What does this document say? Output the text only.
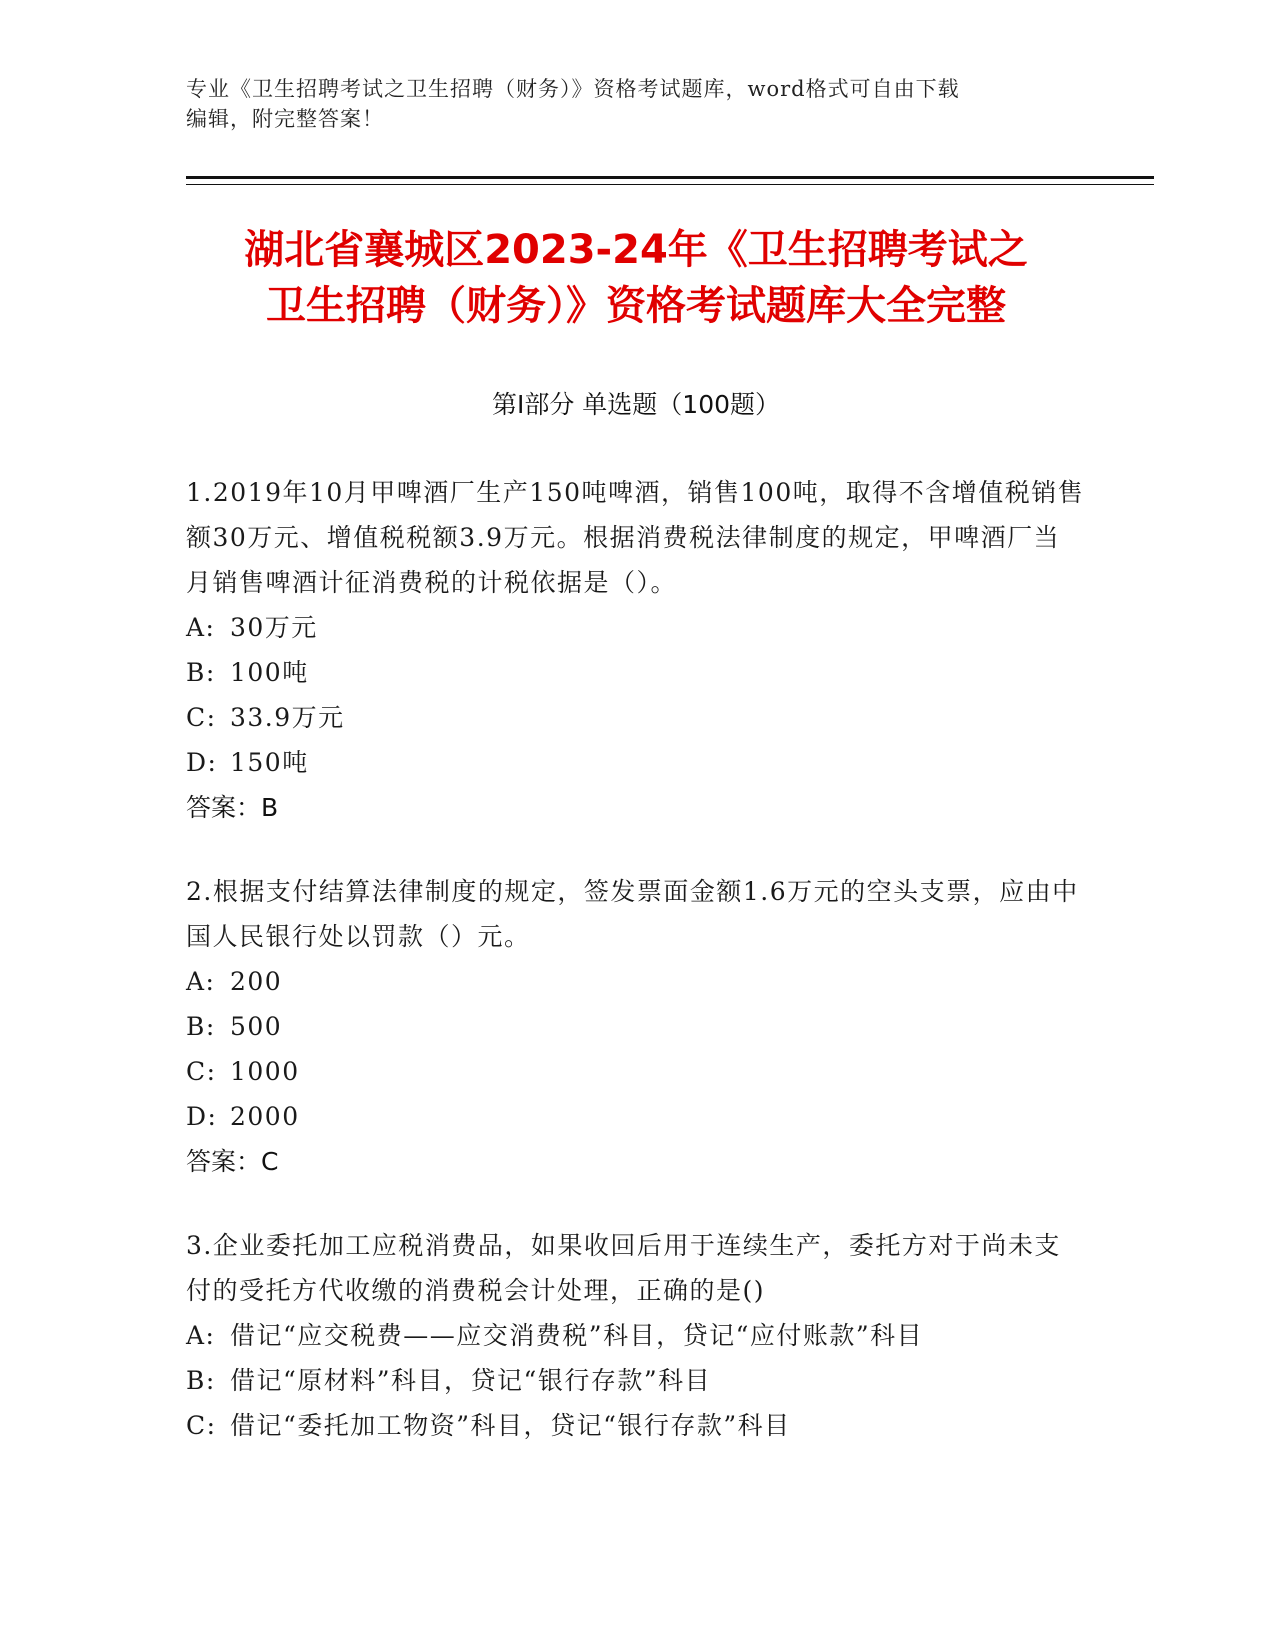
专业《卫生招聘考试之卫生招聘（财务）》资格考试题库，word格式可自由下载
编辑，附完整答案！
湖北省襄城区2023-24年《卫生招聘考试之
卫生招聘（财务）》资格考试题库大全完整
第Ⅰ部分 单选题（100题）

1.2019年10月甲啤酒厂生产150吨啤酒，销售100吨，取得不含增值税销售额30万元、增值税税额3.9万元。根据消费税法律制度的规定，甲啤酒厂当月销售啤酒计征消费税的计税依据是（）。

A: 30万元

B: 100吨

C: 33.9万元

D: 150吨

答案：B

2.根据支付结算法律制度的规定，签发票面金额1.6万元的空头支票，应由中国人民银行处以罚款（）元。

A: 200

B: 500

C: 1000

D: 2000

答案：C

3.企业委托加工应税消费品，如果收回后用于连续生产，委托方对于尚未支付的受托方代收缴的消费税会计处理，正确的是()

A: 借记“应交税费——应交消费税”科目，贷记“应付账款”科目

B: 借记“原材料”科目，贷记“银行存款”科目

C: 借记“委托加工物资”科目，贷记“银行存款”科目
